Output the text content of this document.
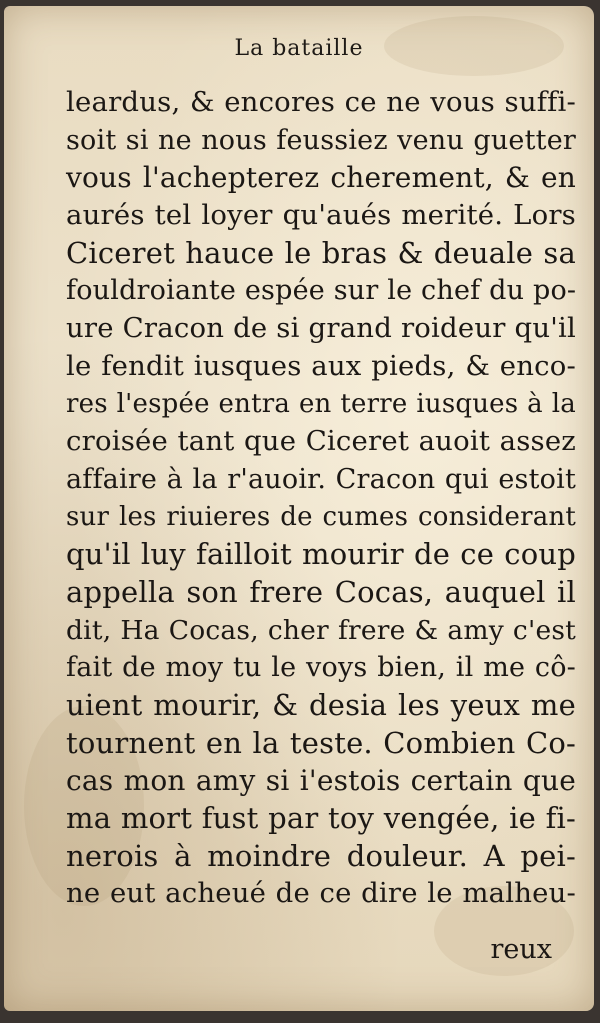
La bataille
leardus, & encores ce ne vous suffi-
soit si ne nous feussiez venu guetter
vous l'achepterez cherement, & en
aurés tel loyer qu'aués merité. Lors
Ciceret hauce le bras & deuale sa
fouldroiante espée sur le chef du po-
ure Cracon de si grand roideur qu'il
le fendit iusques aux pieds, & enco-
res l'espée entra en terre iusques à la
croisée tant que Ciceret auoit assez
affaire à la r'auoir. Cracon qui estoit
sur les riuieres de cumes considerant
qu'il luy failloit mourir de ce coup
appella son frere Cocas, auquel il
dit, Ha Cocas, cher frere & amy c'est
fait de moy tu le voys bien, il me cô-
uient mourir, & desia les yeux me
tournent en la teste. Combien Co-
cas mon amy si i'estois certain que
ma mort fust par toy vengée, ie fi-
nerois à moindre douleur. A pei-
ne eut acheué de ce dire le malheu-
reux
